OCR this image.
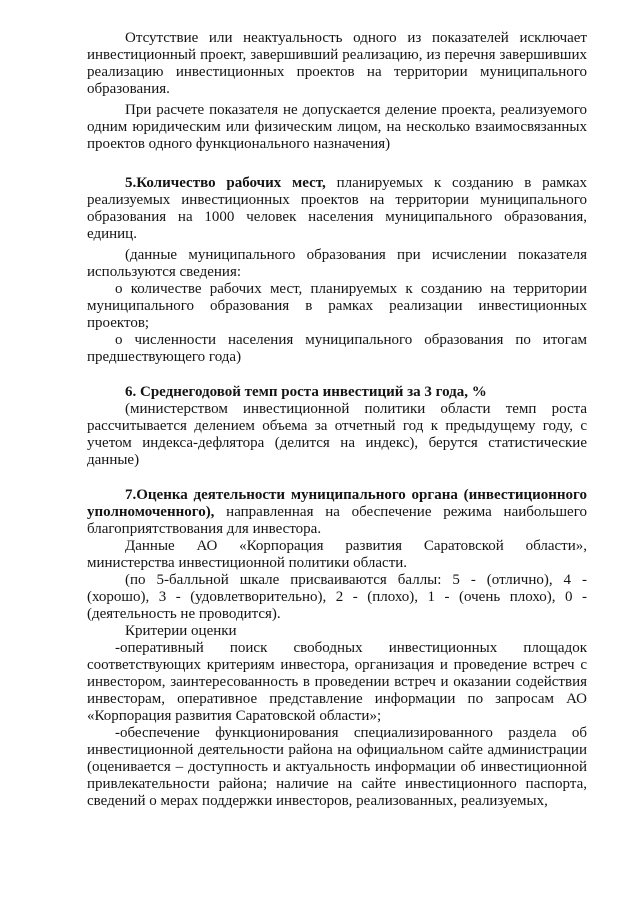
Отсутствие или неактуальность одного из показателей исключает инвестиционный проект, завершивший реализацию, из перечня завершивших реализацию инвестиционных проектов на территории муниципального образования.

При расчете показателя не допускается деление проекта, реализуемого одним юридическим или физическим лицом, на несколько взаимосвязанных проектов одного функционального назначения)

5.Количество рабочих мест, планируемых к созданию в рамках реализуемых инвестиционных проектов на территории муниципального образования на 1000 человек населения муниципального образования, единиц.

(данные муниципального образования при исчислении показателя используются сведения:

о количестве рабочих мест, планируемых к созданию на территории муниципального образования в рамках реализации инвестиционных проектов;

о численности населения муниципального образования по итогам предшествующего года)

6. Среднегодовой темп роста инвестиций за 3 года, %

(министерством инвестиционной политики области темп роста рассчитывается делением объема за отчетный год к предыдущему году, с учетом индекса-дефлятора (делится на индекс), берутся статистические данные)

7.Оценка деятельности муниципального органа (инвестиционного уполномоченного), направленная на обеспечение режима наибольшего благоприятствования для инвестора.

Данные АО «Корпорация развития Саратовской области», министерства инвестиционной политики области.

(по 5-балльной шкале присваиваются баллы: 5 - (отлично), 4 - (хорошо), 3 - (удовлетворительно), 2 - (плохо), 1 - (очень плохо), 0 - (деятельность не проводится).

Критерии оценки

-оперативный поиск свободных инвестиционных площадок соответствующих критериям инвестора, организация и проведение встреч с инвестором, заинтересованность в проведении встреч и оказании содействия инвесторам, оперативное представление информации по запросам АО «Корпорация развития Саратовской области»;

-обеспечение функционирования специализированного раздела об инвестиционной деятельности района на официальном сайте администрации (оценивается – доступность и актуальность информации об инвестиционной привлекательности района; наличие на сайте инвестиционного паспорта, сведений о мерах поддержки инвесторов, реализованных, реализуемых,
